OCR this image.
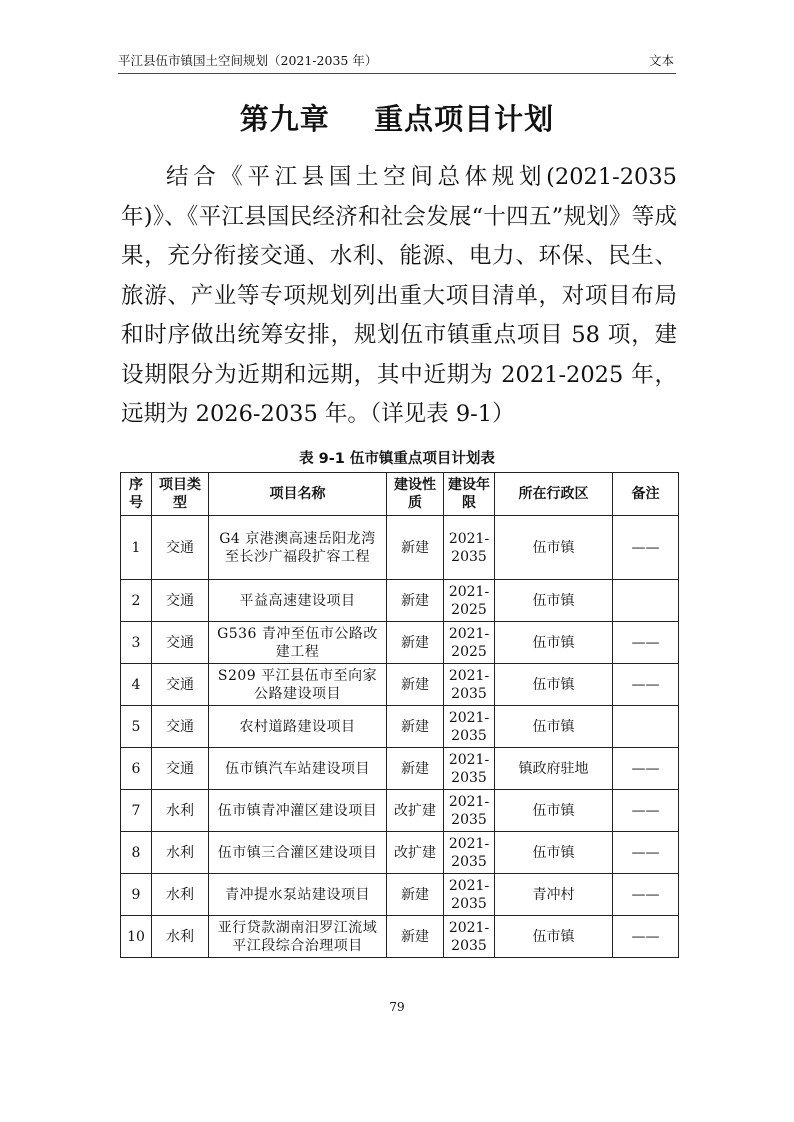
平江县伍市镇国土空间规划（2021-2035 年）	文本
第九章    重点项目计划

结合《平江县国土空间总体规划(2021-2035 年)》、《平江县国民经济和社会发展“十四五”规划》等成果，充分衔接交通、水利、能源、电力、环保、民生、旅游、产业等专项规划列出重大项目清单，对项目布局和时序做出统筹安排，规划伍市镇重点项目 58 项，建设期限分为近期和远期，其中近期为 2021-2025 年，远期为 2026-2035 年。（详见表 9-1）

表 9-1 伍市镇重点项目计划表
序号	项目类型	项目名称	建设性质	建设年限	所在行政区	备注
1	交通	G4 京港澳高速岳阳龙湾至长沙广福段扩容工程	新建	2021-2035	伍市镇	——
2	交通	平益高速建设项目	新建	2021-2025	伍市镇	
3	交通	G536 青冲至伍市公路改建工程	新建	2021-2025	伍市镇	——
4	交通	S209 平江县伍市至向家公路建设项目	新建	2021-2035	伍市镇	——
5	交通	农村道路建设项目	新建	2021-2035	伍市镇	
6	交通	伍市镇汽车站建设项目	新建	2021-2035	镇政府驻地	——
7	水利	伍市镇青冲灌区建设项目	改扩建	2021-2035	伍市镇	——
8	水利	伍市镇三合灌区建设项目	改扩建	2021-2035	伍市镇	——
9	水利	青冲提水泵站建设项目	新建	2021-2035	青冲村	——
10	水利	亚行贷款湖南汨罗江流域平江段综合治理项目	新建	2021-2035	伍市镇	——
79
